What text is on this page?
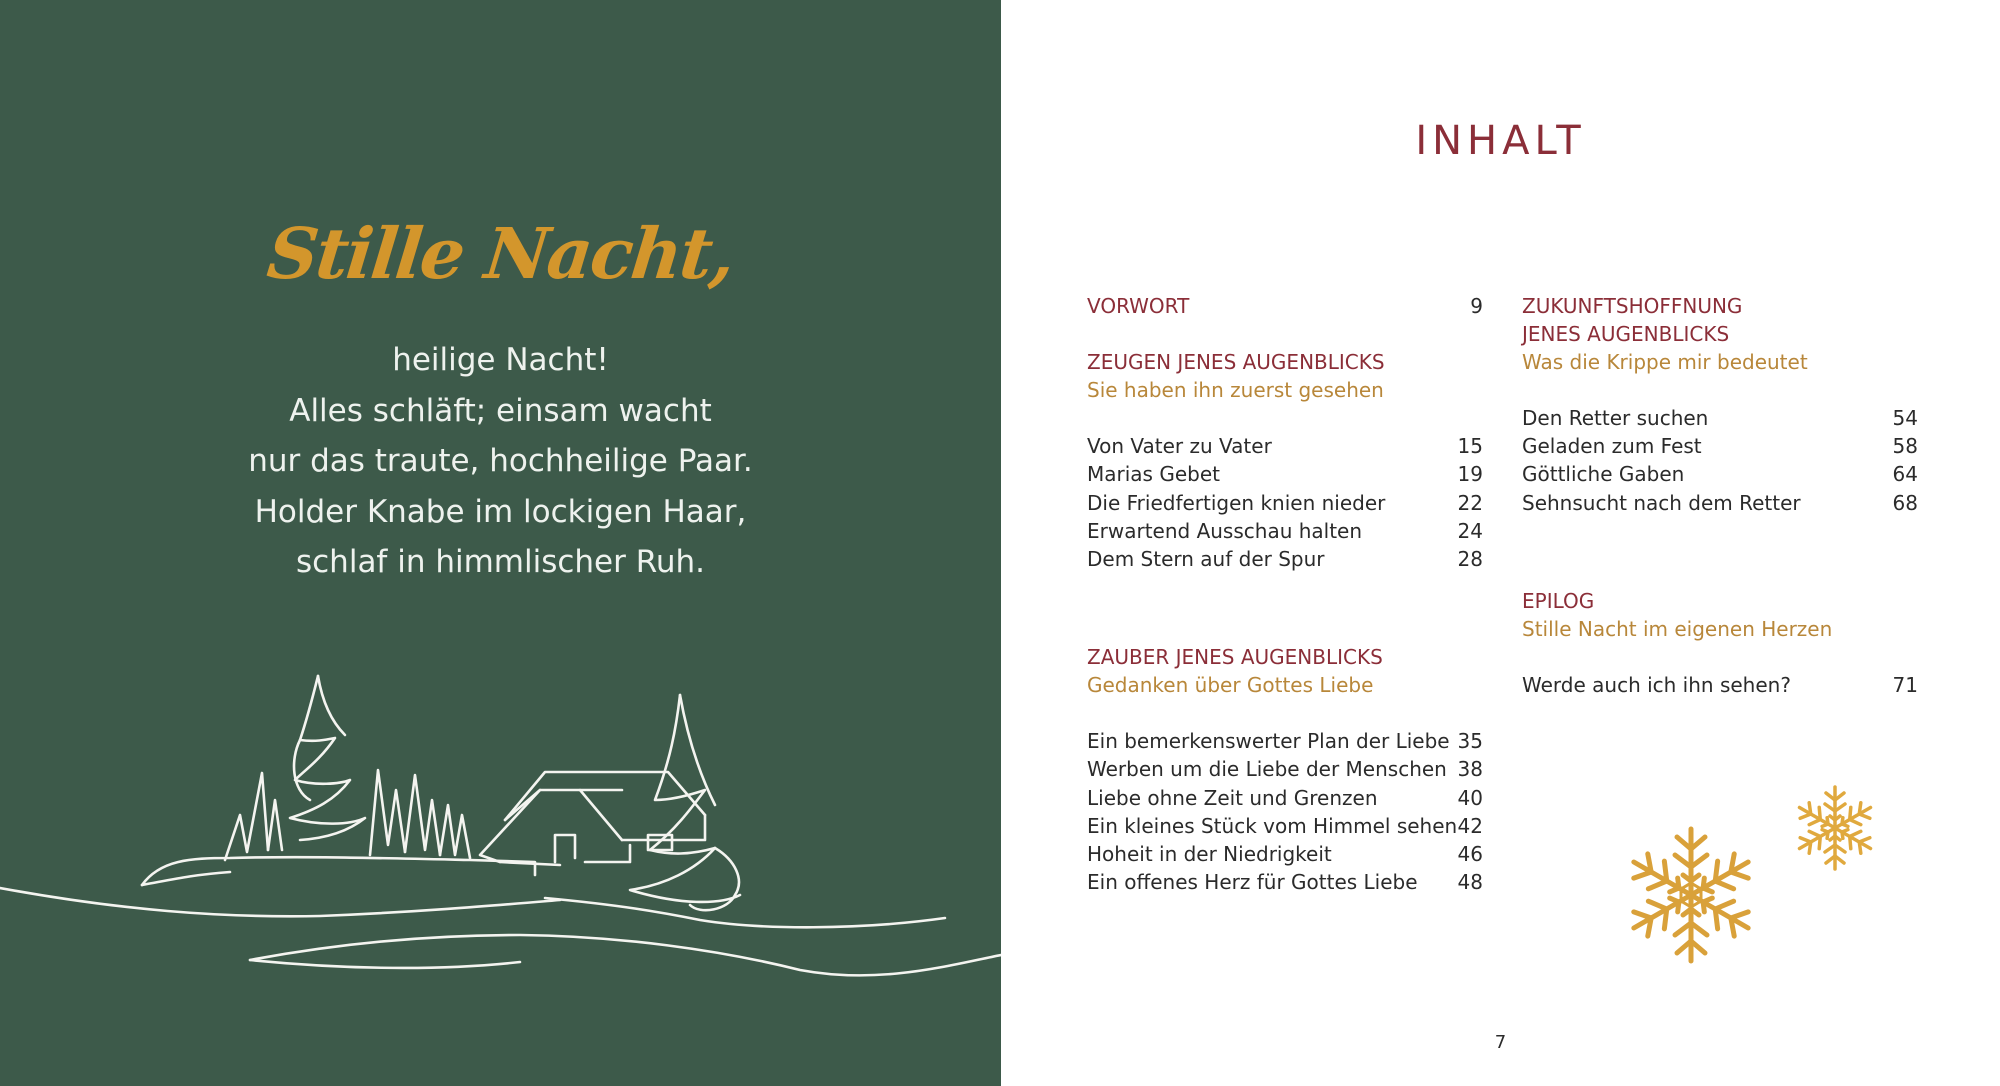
Stille Nacht,
heilige Nacht!
Alles schläft; einsam wacht
nur das traute, hochheilige Paar.
Holder Knabe im lockigen Haar,
schlaf in himmlischer Ruh.
INHALT
VORWORT	9
ZEUGEN JENES AUGENBLICKS
Sie haben ihn zuerst gesehen
Von Vater zu Vater	15
Marias Gebet	19
Die Friedfertigen knien nieder	22
Erwartend Ausschau halten	24
Dem Stern auf der Spur	28
ZAUBER JENES AUGENBLICKS
Gedanken über Gottes Liebe
Ein bemerkenswerter Plan der Liebe 35
Werben um die Liebe der Menschen 38
Liebe ohne Zeit und Grenzen	40
Ein kleines Stück vom Himmel sehen 42
Hoheit in der Niedrigkeit	46
Ein offenes Herz für Gottes Liebe 48
ZUKUNFTSHOFFNUNG
JENES AUGENBLICKS
Was die Krippe mir bedeutet
Den Retter suchen	54
Geladen zum Fest	58
Göttliche Gaben	64
Sehnsucht nach dem Retter	68
EPILOG
Stille Nacht im eigenen Herzen
Werde auch ich ihn sehen?	71
7
